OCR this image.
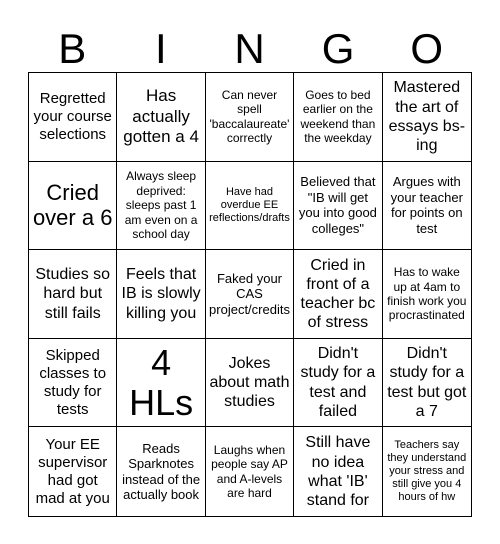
B	I	N	G	O
Regretted your course selections
Has actually gotten a 4
Can never spell 'baccalaureate' correctly
Goes to bed earlier on the weekend than the weekday
Mastered the art of essays bs-ing
Cried over a 6
Always sleep deprived: sleeps past 1 am even on a school day
Have had overdue EE reflections/drafts
Believed that "IB will get you into good colleges"
Argues with your teacher for points on test
Studies so hard but still fails
Feels that IB is slowly killing you
Faked your CAS project/credits
Cried in front of a teacher bc of stress
Has to wake up at 4am to finish work you procrastinated
Skipped classes to study for tests
4 HLs
Jokes about math studies
Didn't study for a test and failed
Didn't study for a test but got a 7
Your EE supervisor had got mad at you
Reads Sparknotes instead of the actually book
Laughs when people say AP and A-levels are hard
Still have no idea what 'IB' stand for
Teachers say they understand your stress and still give you 4 hours of hw
